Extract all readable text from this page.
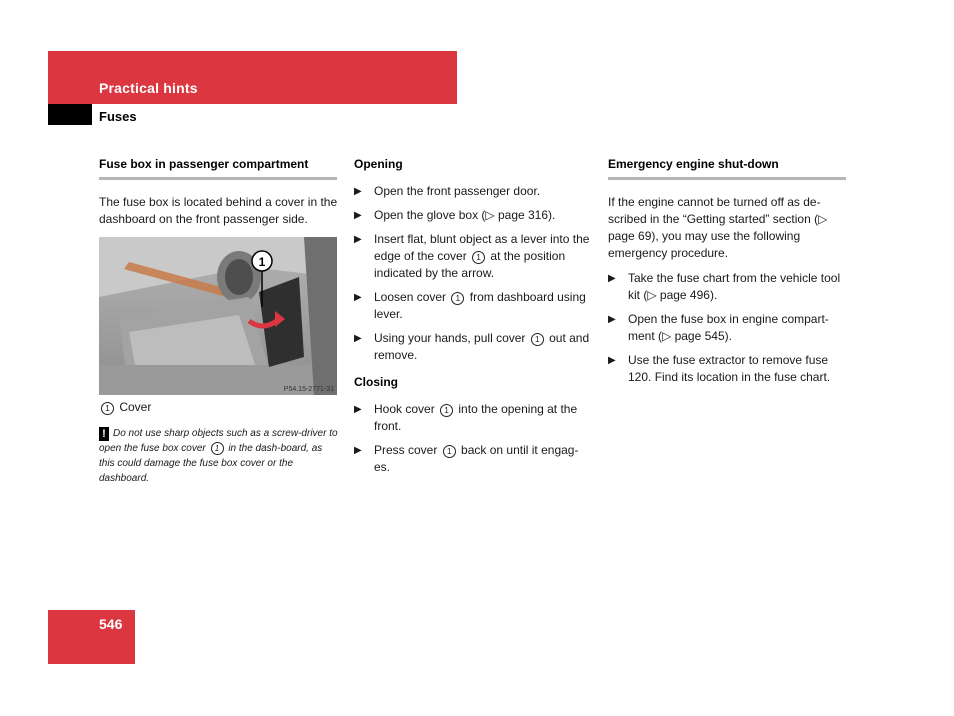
Practical hints
Fuses
Fuse box in passenger compartment

The fuse box is located behind a cover in the dashboard on the front passenger side.

1
P54.15-2771-31
1 Cover
! Do not use sharp objects such as a screw-driver to open the fuse box cover 1 in the dash-board, as this could damage the fuse box cover or the dashboard.
Opening
▶ Open the front passenger door.
▶ Open the glove box (▷ page 316).
▶ Insert flat, blunt object as a lever into the edge of the cover 1 at the position indicated by the arrow.
▶ Loosen cover 1 from dashboard using lever.
▶ Using your hands, pull cover 1 out and remove.
Closing
▶ Hook cover 1 into the opening at the front.
▶ Press cover 1 back on until it engag-es.
Emergency engine shut-down

If the engine cannot be turned off as de-scribed in the “Getting started” section (▷ page 69), you may use the following emergency procedure.

▶ Take the fuse chart from the vehicle tool kit (▷ page 496).
▶ Open the fuse box in engine compart-ment (▷ page 545).
▶ Use the fuse extractor to remove fuse 120. Find its location in the fuse chart.
546
